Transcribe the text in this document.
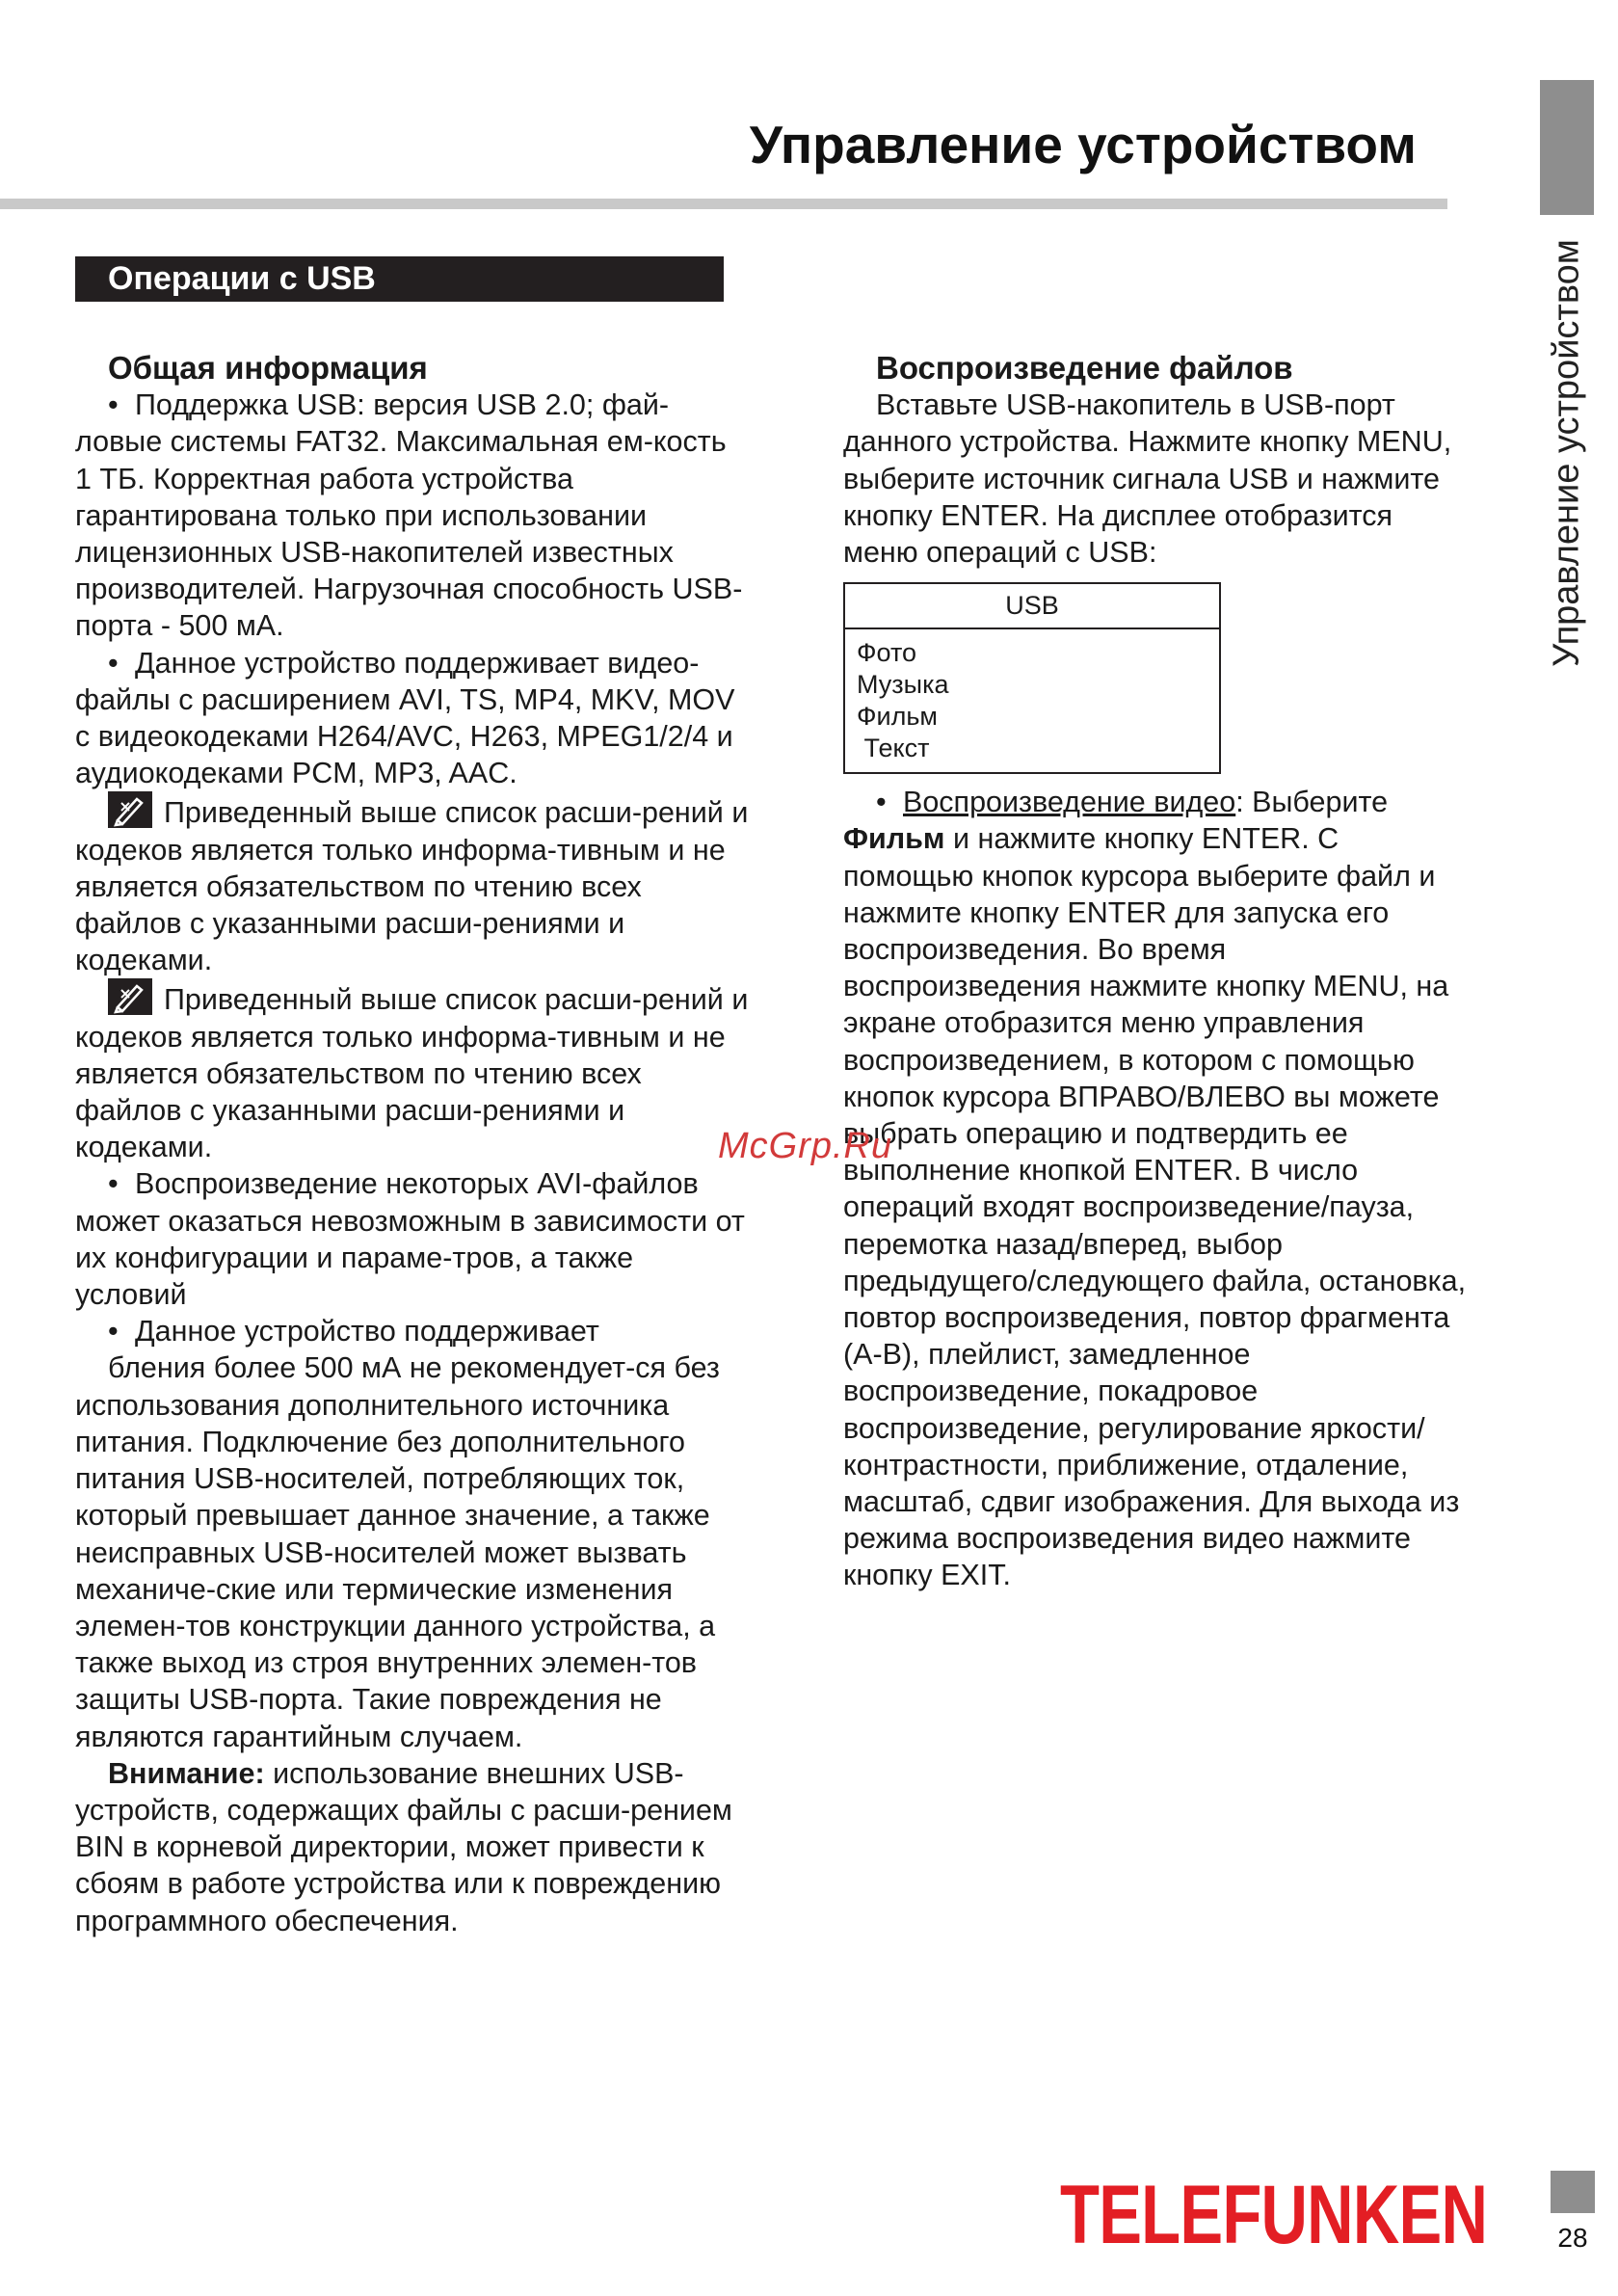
Управление устройством
Управление устройством
Операции с USB
Общая информация

• Поддержка USB: версия USB 2.0; фай-ловые системы FAT32. Максимальная ем-кость 1 ТБ. Корректная работа устройства гарантирована только при использовании лицензионных USB-накопителей известных производителей. Нагрузочная способность USB-порта - 500 мА.

• Данное устройство поддерживает видео-файлы с расширением AVI, TS, MP4, MKV, MOV с видеокодеками H264/AVC, H263, MPEG1/2/4 и аудиокодеками PCM, MP3, AAC.

Приведенный выше список расши-рений и кодеков является только информа-тивным и не является обязательством по чтению всех файлов с указанными расши-рениями и кодеками.

Приведенный выше список расши-рений и кодеков является только информа-тивным и не является обязательством по чтению всех файлов с указанными расши-рениями и кодеками.

• Воспроизведение некоторых AVI-файлов может оказаться невозможным в зависимости от их конфигурации и параме-тров, а также условий

• Данное устройство поддерживает

бления более 500 мА не рекомендует-ся без использования дополнительного источника питания. Подключение без дополнительного питания USB-носителей, потребляющих ток, который превышает данное значение, а также неисправных USB-носителей может вызвать механиче-ские или термические изменения элемен-тов конструкции данного устройства, а также выход из строя внутренних элемен-тов защиты USB-порта. Такие повреждения не являются гарантийным случаем.

Внимание: использование внешних USB-устройств, содержащих файлы с расши-рением BIN в корневой директории, может привести к сбоям в работе устройства или к повреждению программного обеспечения.

Воспроизведение файлов

Вставьте USB-накопитель в USB-порт данного устройства. Нажмите кнопку MENU, выберите источник сигнала USB и нажмите кнопку ENTER. На дисплее отобразится меню операций с USB:

USB
Фото
Музыка
Фильм
Текст

• Воспроизведение видео: Выберите Фильм и нажмите кнопку ENTER. С помощью кнопок курсора выберите файл и нажмите кнопку ENTER для запуска его воспроизведения. Во время воспроизведения нажмите кнопку MENU, на экране отобразится меню управления воспроизведением, в котором с помощью кнопок курсора ВПРАВО/ВЛЕВО вы можете выбрать операцию и подтвердить ее выполнение кнопкой ENTER. В число операций входят воспроизведение/пауза, перемотка назад/вперед, выбор предыдущего/следующего файла, остановка, повтор воспроизведения, повтор фрагмента (A-B), плейлист, замедленное воспроизведение, покадровое воспроизведение, регулирование яркости/контрастности, приближение, отдаление, масштаб, сдвиг изображения. Для выхода из режима воспроизведения видео нажмите кнопку EXIT.

McGrp.Ru
TELEFUNKEN	28
